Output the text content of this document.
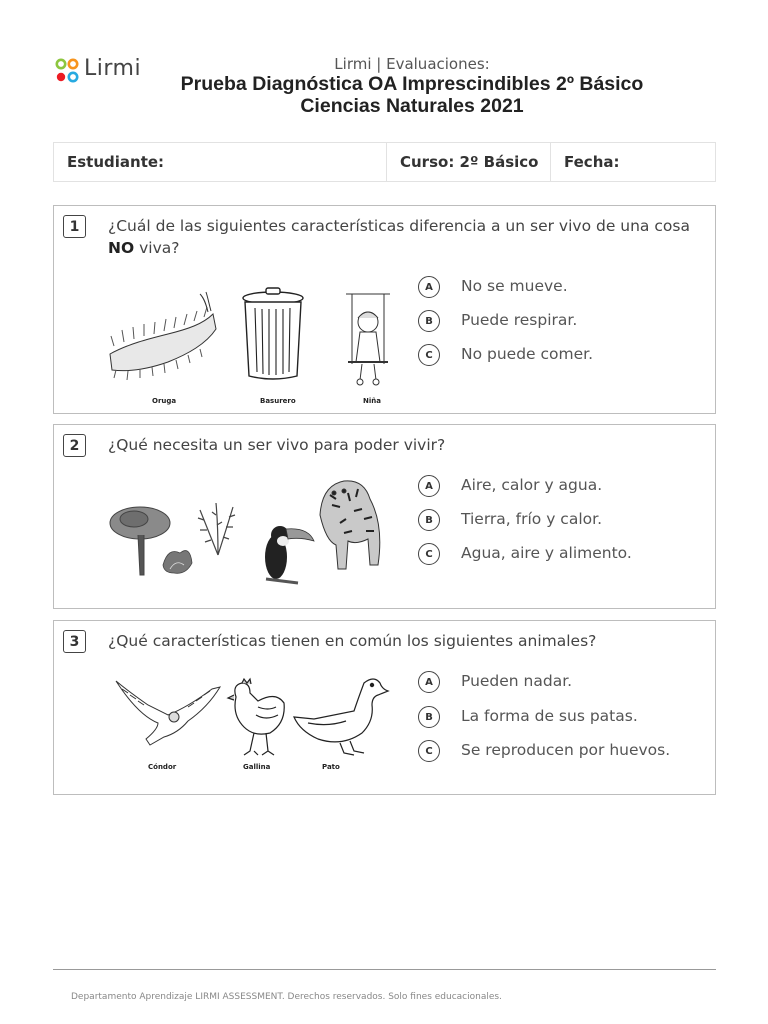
Lirmi	Lirmi | Evaluaciones:
Prueba Diagnóstica OA Imprescindibles 2º Básico
Ciencias Naturales 2021
Estudiante:	Curso: 2º Básico	Fecha:
1	¿Cuál de las siguientes características diferencia a un ser vivo de una cosa NO viva?
Oruga	Basurero	Niña
A	No se mueve.
B	Puede respirar.
C	No puede comer.
2	¿Qué necesita un ser vivo para poder vivir?
A	Aire, calor y agua.
B	Tierra, frío y calor.
C	Agua, aire y alimento.
3	¿Qué características tienen en común los siguientes animales?
Cóndor	Gallina	Pato
A	Pueden nadar.
B	La forma de sus patas.
C	Se reproducen por huevos.
Departamento Aprendizaje LIRMI ASSESSMENT. Derechos reservados. Solo fines educacionales.
